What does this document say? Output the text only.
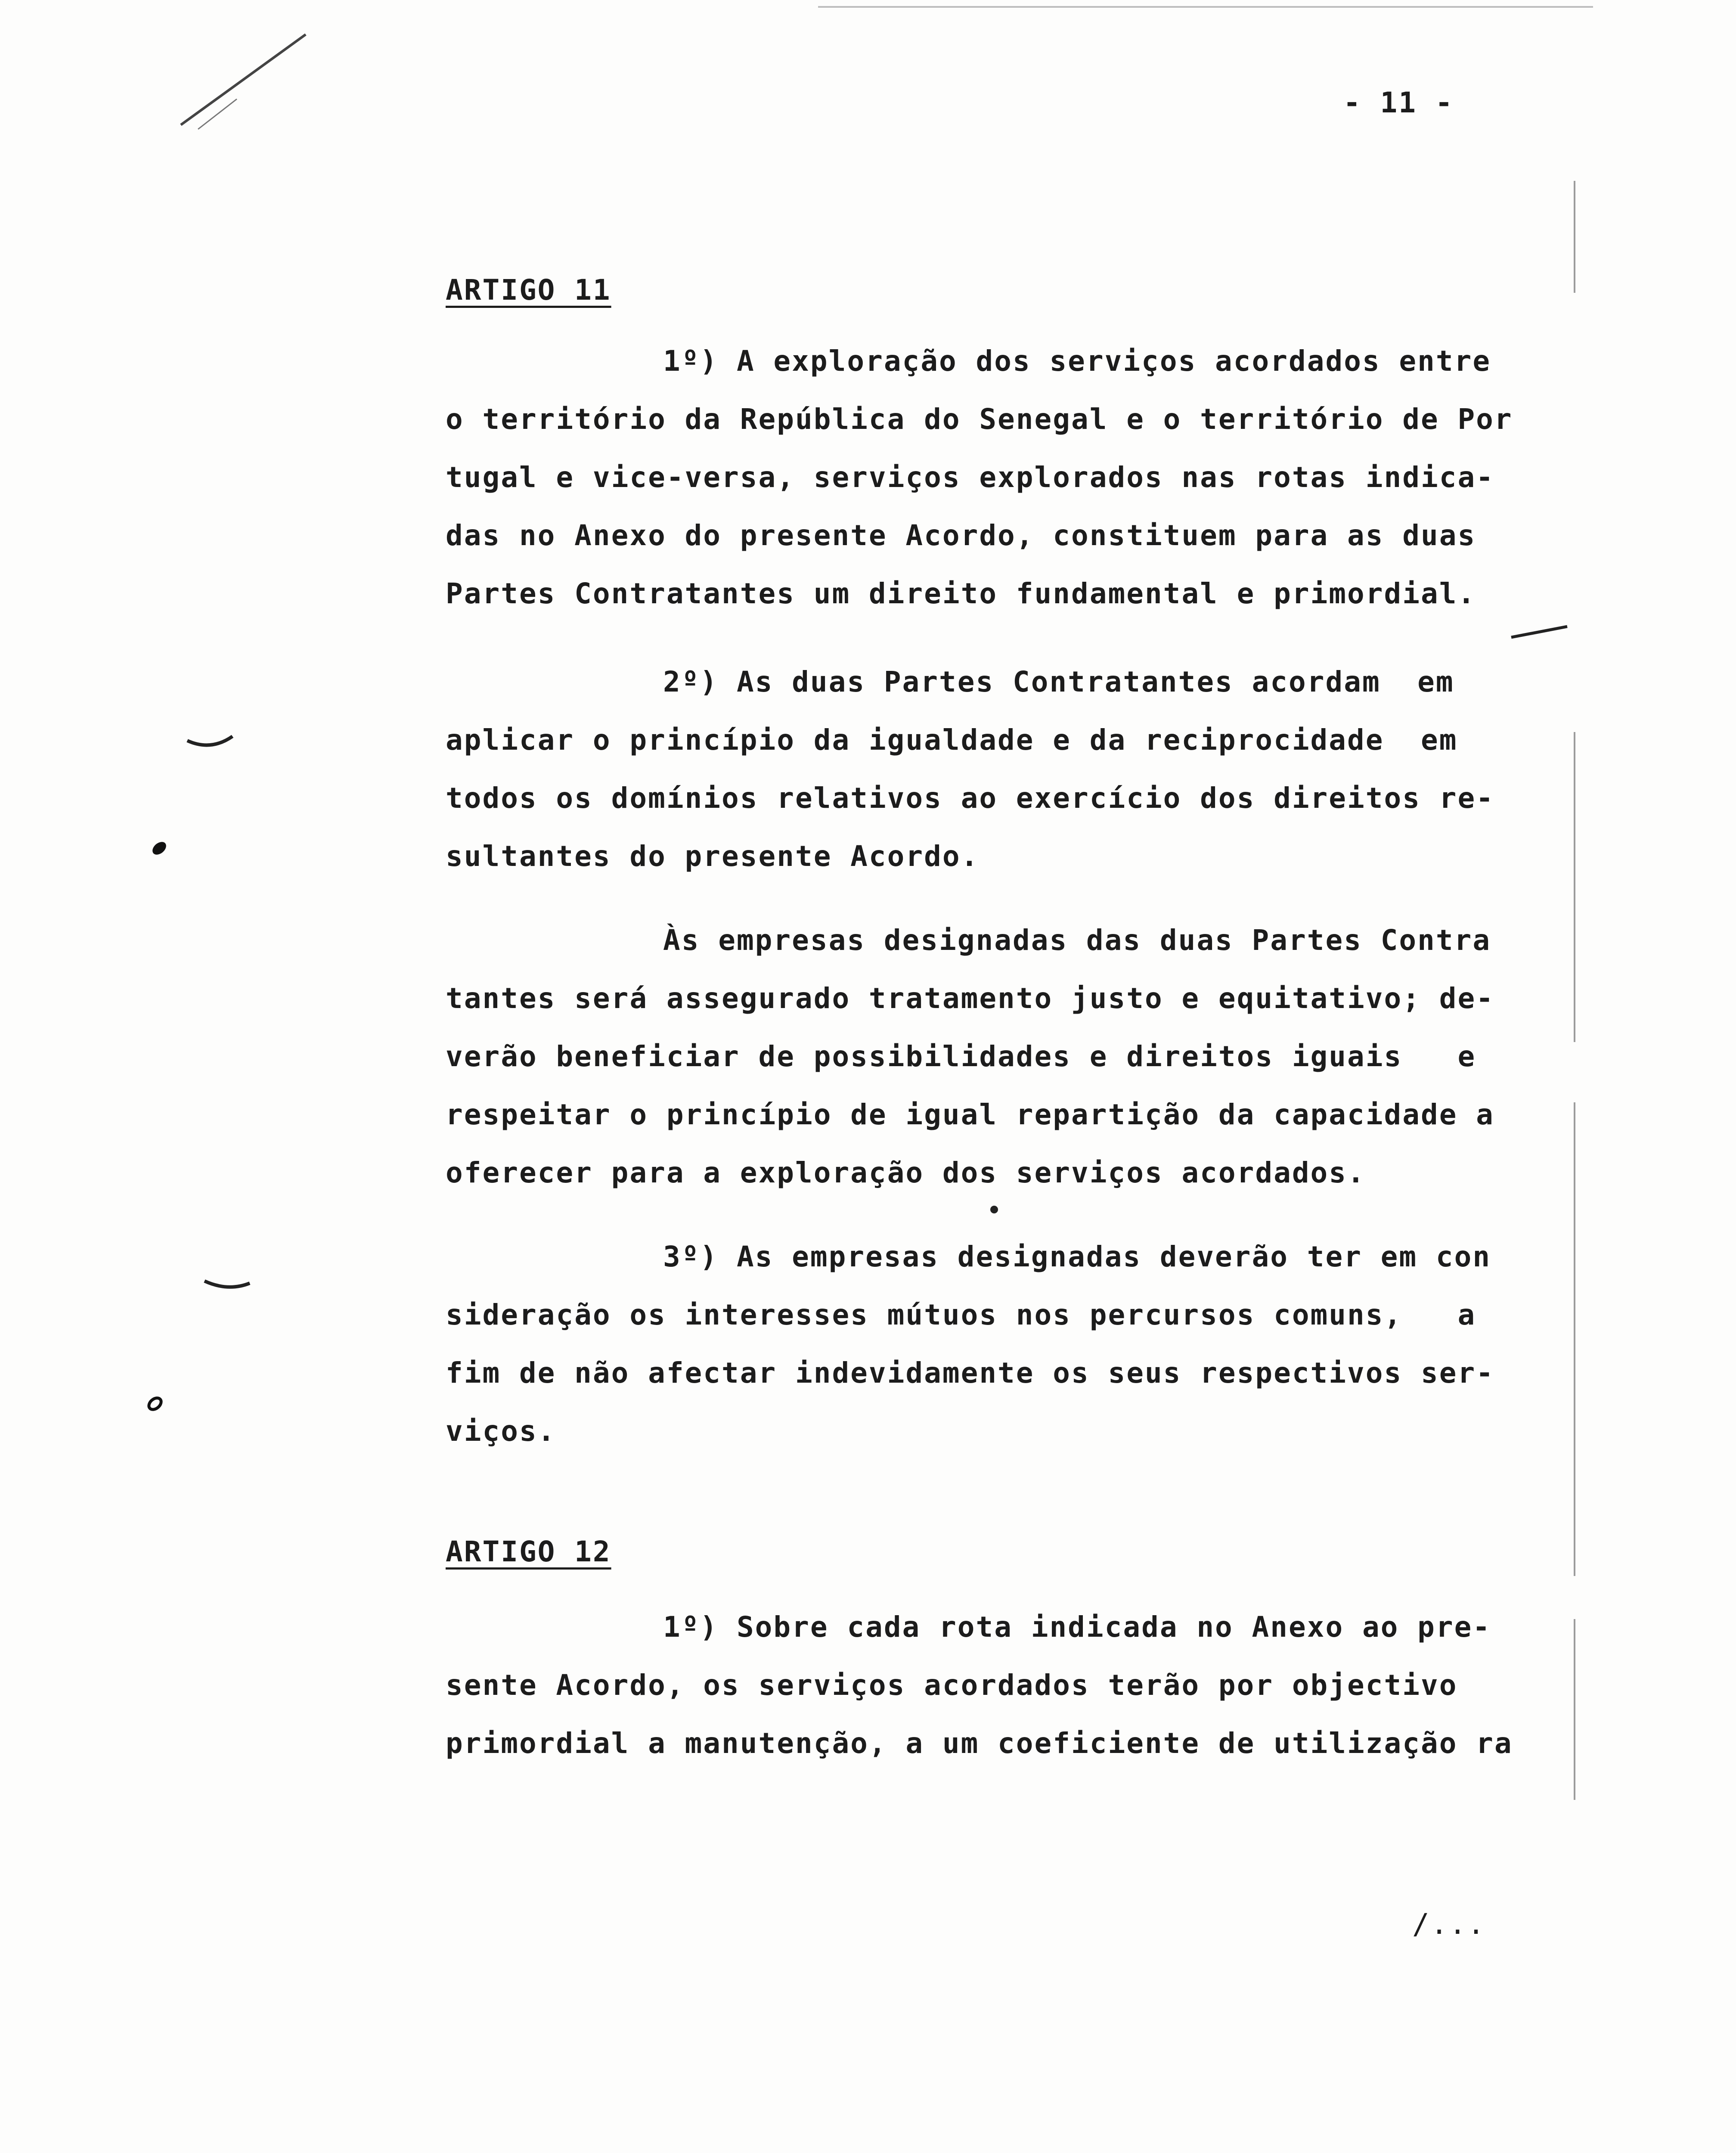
- 11 -
ARTIGO 11
1º) A exploração dos serviços acordados entre
o território da República do Senegal e o território de Por
tugal e vice-versa, serviços explorados nas rotas indica-
das no Anexo do presente Acordo, constituem para as duas
Partes Contratantes um direito fundamental e primordial.
2º) As duas Partes Contratantes acordam  em
aplicar o princípio da igualdade e da reciprocidade  em
todos os domínios relativos ao exercício dos direitos re-
sultantes do presente Acordo.
Às empresas designadas das duas Partes Contra
tantes será assegurado tratamento justo e equitativo; de-
verão beneficiar de possibilidades e direitos iguais   e
respeitar o princípio de igual repartição da capacidade a
oferecer para a exploração dos serviços acordados.
3º) As empresas designadas deverão ter em con
sideração os interesses mútuos nos percursos comuns,   a
fim de não afectar indevidamente os seus respectivos ser-
viços.
ARTIGO 12
1º) Sobre cada rota indicada no Anexo ao pre-
sente Acordo, os serviços acordados terão por objectivo
primordial a manutenção, a um coeficiente de utilização ra
/...
